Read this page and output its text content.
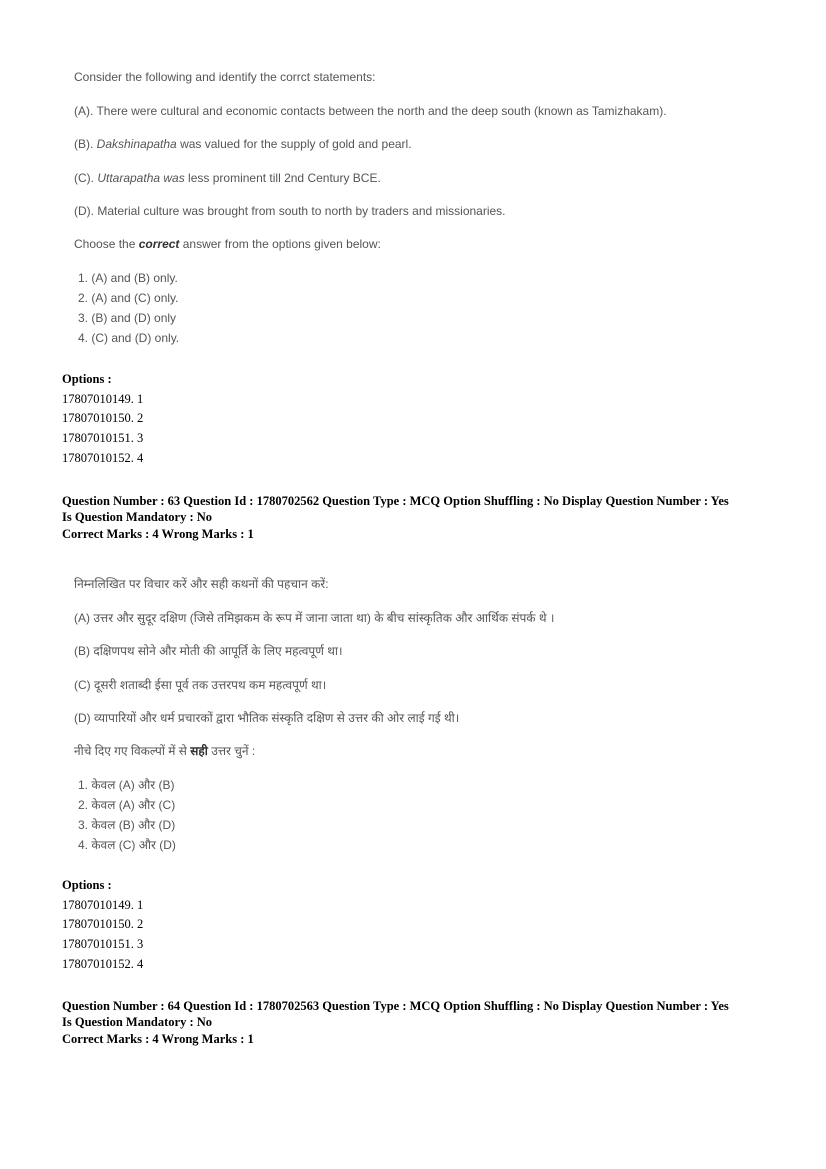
Consider the following and identify the corrct statements:
(A). There were cultural and economic contacts between the north and the deep south (known as Tamizhakam).
(B). Dakshinapatha was valued for the supply of gold and pearl.
(C). Uttarapatha was less prominent till 2nd Century BCE.
(D). Material culture was brought from south to north by traders and missionaries.
Choose the correct answer from the options given below:
1. (A) and (B) only.
2. (A) and (C) only.
3. (B) and (D) only
4. (C) and (D) only.
Options :
17807010149. 1
17807010150. 2
17807010151. 3
17807010152. 4
Question Number : 63 Question Id : 1780702562 Question Type : MCQ Option Shuffling : No Display Question Number : Yes
Is Question Mandatory : No
Correct Marks : 4 Wrong Marks : 1
निम्नलिखित पर विचार करें और सही कथनों की पहचान करें:
(A) उत्तर और सुदूर दक्षिण (जिसे तमिझकम के रूप में जाना जाता था) के बीच सांस्कृतिक और आर्थिक संपर्क थे ।
(B) दक्षिणपथ सोने और मोती की आपूर्ति के लिए महत्वपूर्ण था।
(C) दूसरी शताब्दी ईसा पूर्व तक उत्तरपथ कम महत्वपूर्ण था।
(D) व्यापारियों और धर्म प्रचारकों द्वारा भौतिक संस्कृति दक्षिण से उत्तर की ओर लाई गई थी।
नीचे दिए गए विकल्पों में से सही उत्तर चुनें :
1. केवल (A) और (B)
2. केवल (A) और (C)
3. केवल (B) और (D)
4. केवल (C) और (D)
Options :
17807010149. 1
17807010150. 2
17807010151. 3
17807010152. 4
Question Number : 64 Question Id : 1780702563 Question Type : MCQ Option Shuffling : No Display Question Number : Yes
Is Question Mandatory : No
Correct Marks : 4 Wrong Marks : 1
